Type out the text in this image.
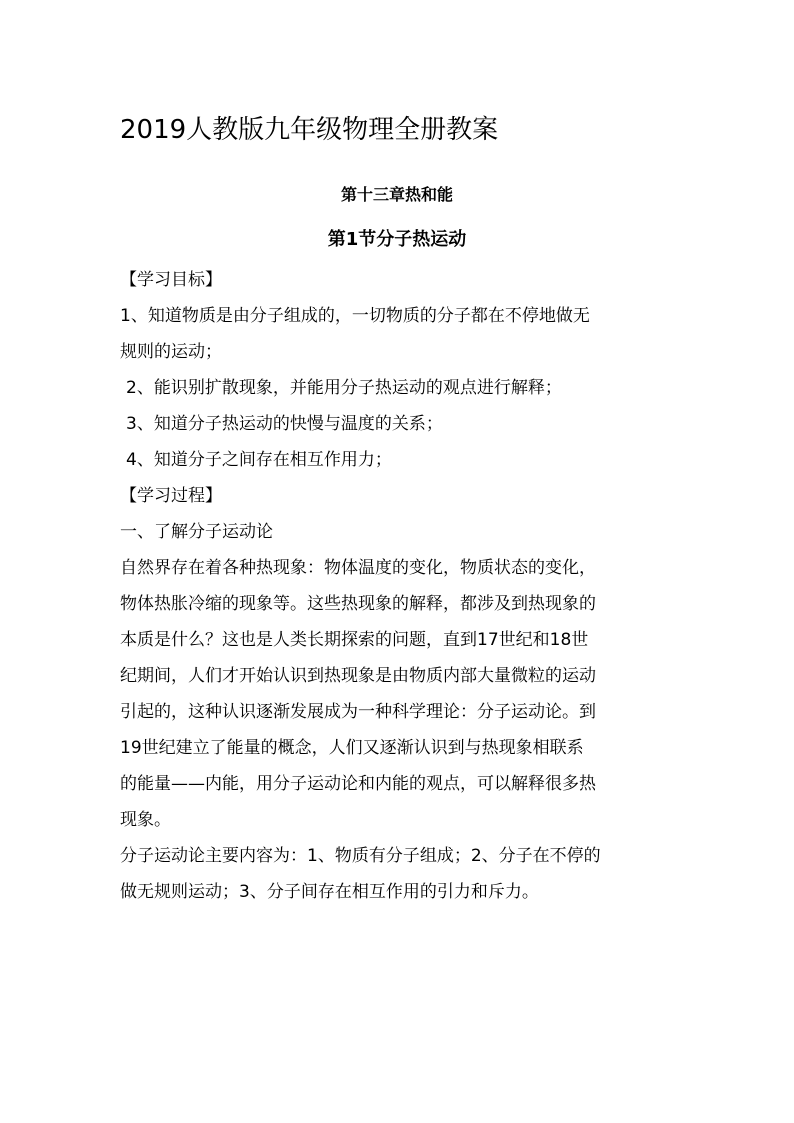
2019人教版九年级物理全册教案
第十三章热和能
第1节分子热运动
【学习目标】
1、知道物质是由分子组成的，一切物质的分子都在不停地做无
规则的运动；
2、能识别扩散现象，并能用分子热运动的观点进行解释；
3、知道分子热运动的快慢与温度的关系；
4、知道分子之间存在相互作用力；
【学习过程】
一、了解分子运动论
自然界存在着各种热现象：物体温度的变化，物质状态的变化，
物体热胀冷缩的现象等。这些热现象的解释，都涉及到热现象的
本质是什么？这也是人类长期探索的问题，直到17世纪和18世
纪期间，人们才开始认识到热现象是由物质内部大量微粒的运动
引起的，这种认识逐渐发展成为一种科学理论：分子运动论。到
19世纪建立了能量的概念，人们又逐渐认识到与热现象相联系
的能量——内能，用分子运动论和内能的观点，可以解释很多热
现象。
分子运动论主要内容为：1、物质有分子组成；2、分子在不停的
做无规则运动；3、分子间存在相互作用的引力和斥力。
